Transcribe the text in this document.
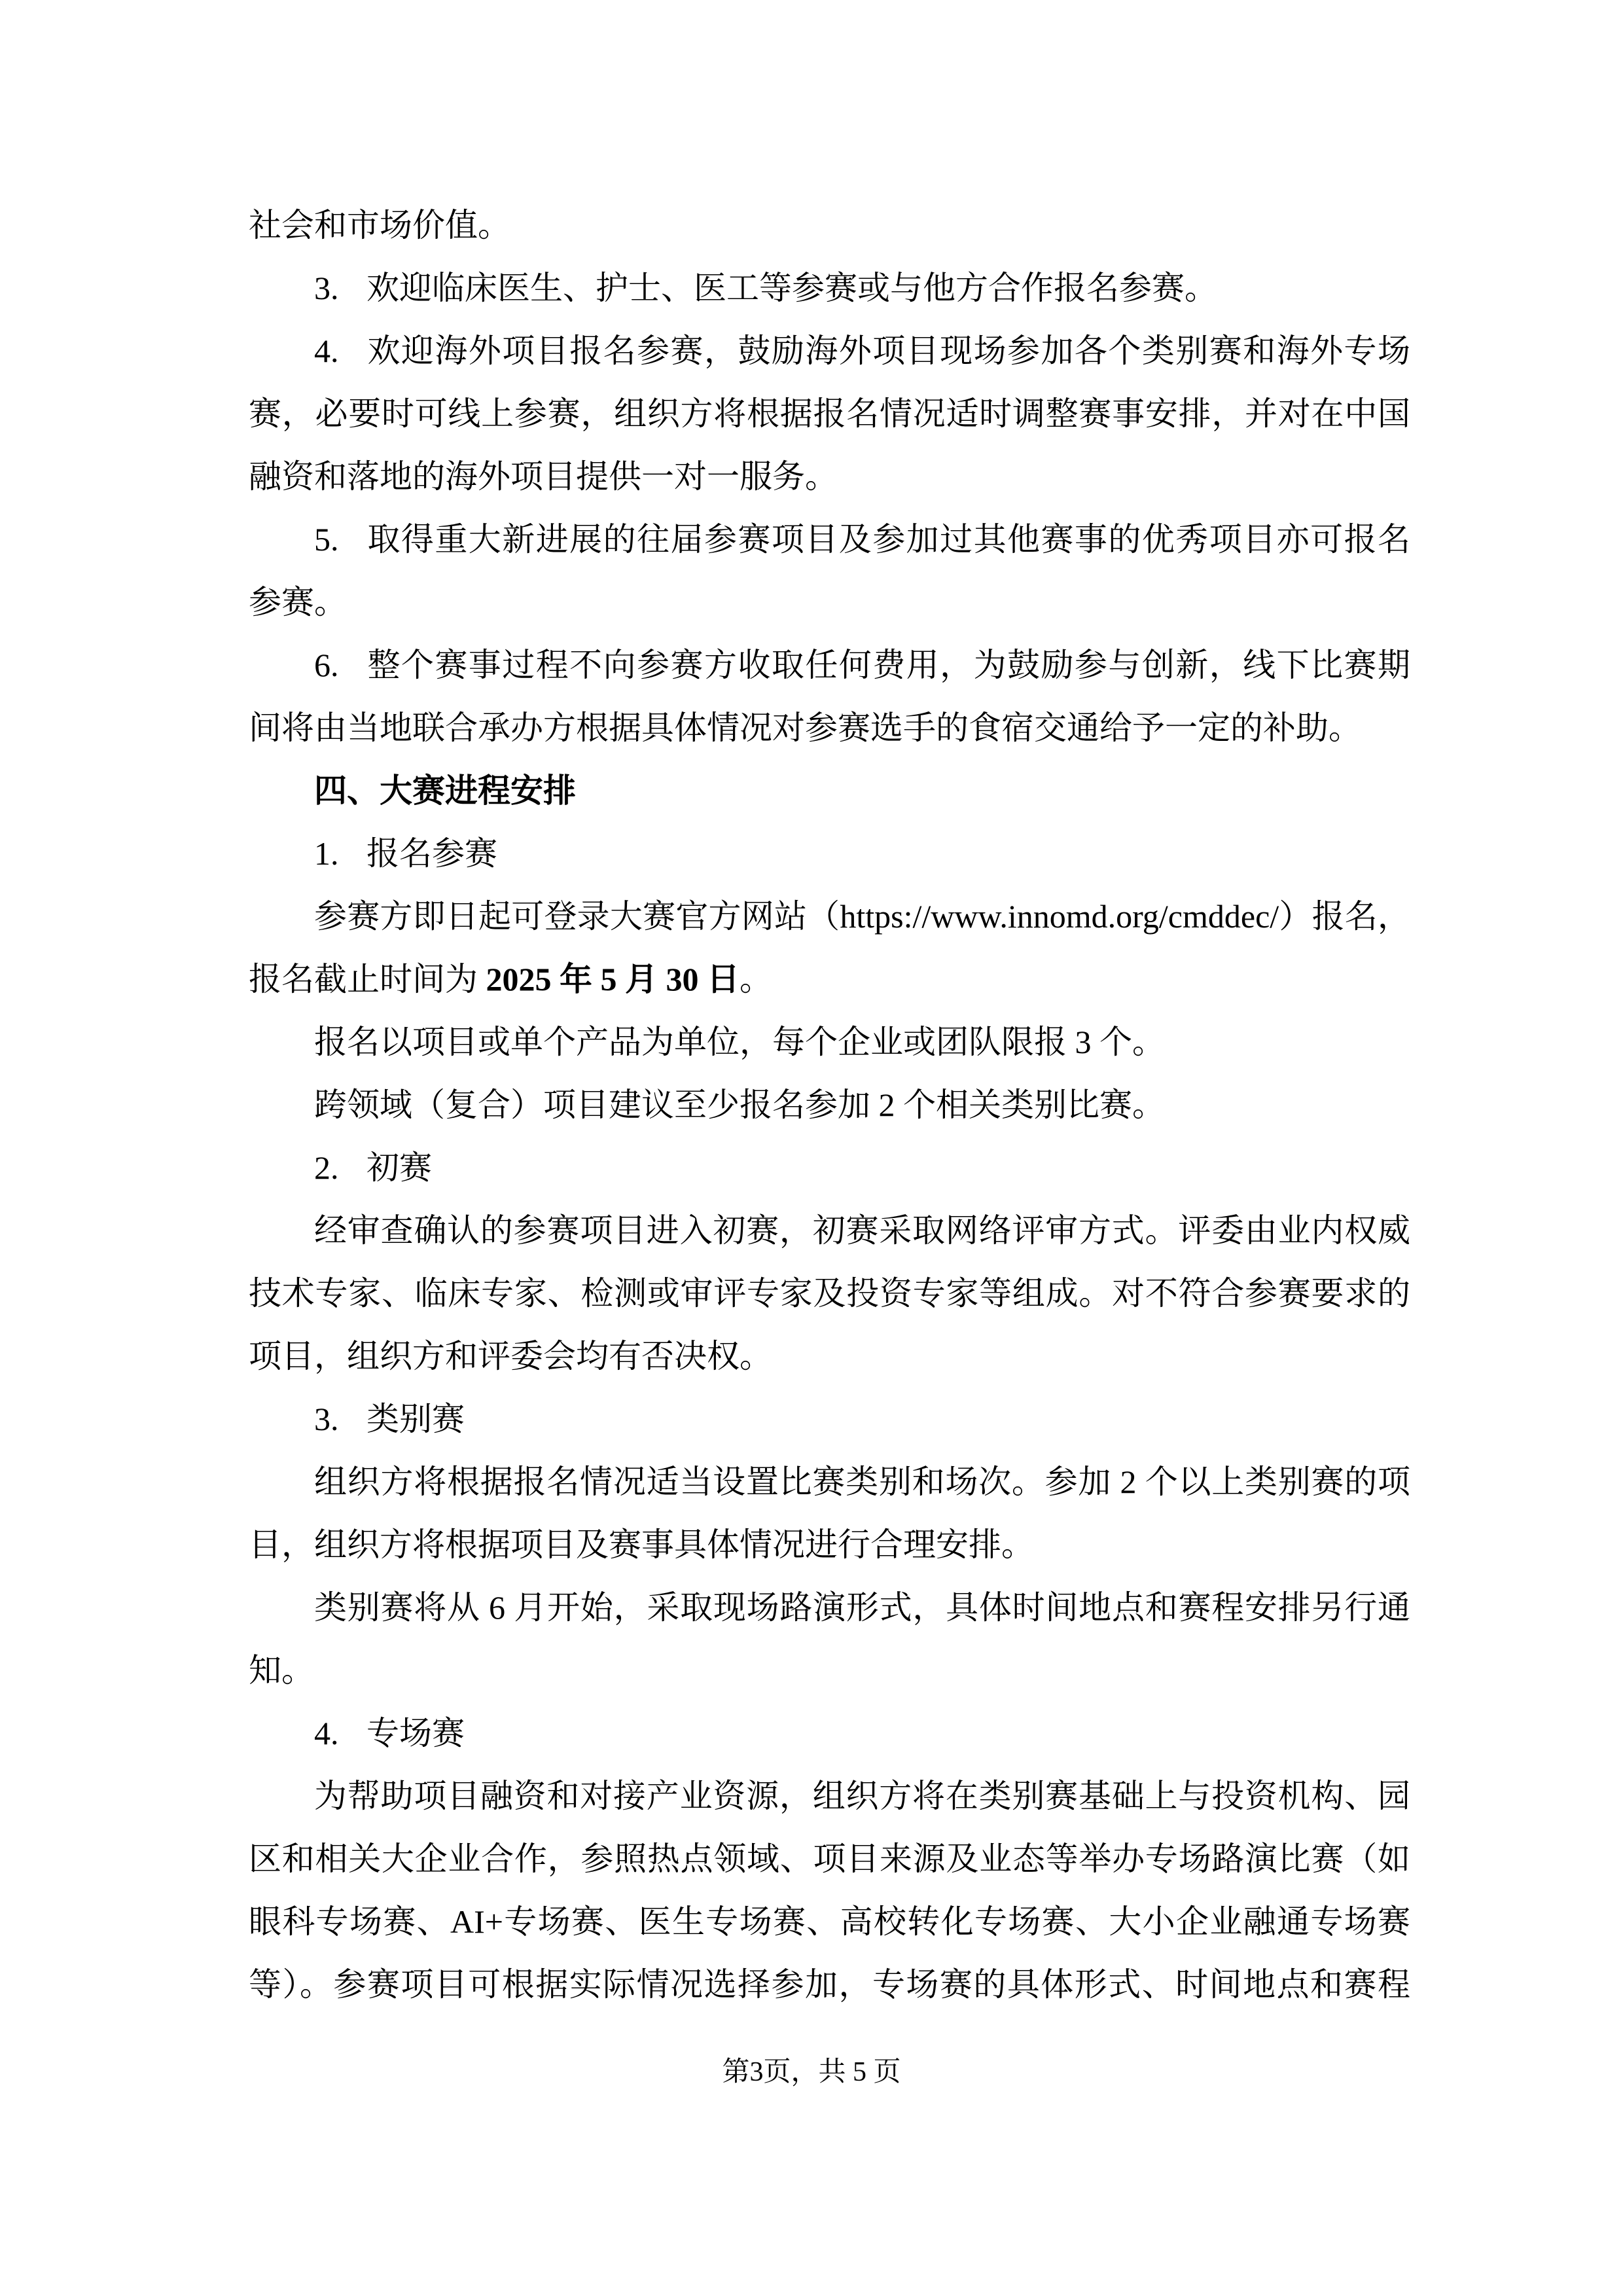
社会和市场价值。
3. 欢迎临床医生、护士、医工等参赛或与他方合作报名参赛。
4. 欢迎海外项目报名参赛，鼓励海外项目现场参加各个类别赛和海外专场
赛，必要时可线上参赛，组织方将根据报名情况适时调整赛事安排，并对在中国
融资和落地的海外项目提供一对一服务。
5. 取得重大新进展的往届参赛项目及参加过其他赛事的优秀项目亦可报名
参赛。
6. 整个赛事过程不向参赛方收取任何费用，为鼓励参与创新，线下比赛期
间将由当地联合承办方根据具体情况对参赛选手的食宿交通给予一定的补助。
四、大赛进程安排
1. 报名参赛
参赛方即日起可登录大赛官方网站（https://www.innomd.org/cmddec/）报名，
报名截止时间为 2025 年 5 月 30 日。
报名以项目或单个产品为单位，每个企业或团队限报 3 个。
跨领域（复合）项目建议至少报名参加 2 个相关类别比赛。
2. 初赛
经审查确认的参赛项目进入初赛，初赛采取网络评审方式。评委由业内权威
技术专家、临床专家、检测或审评专家及投资专家等组成。对不符合参赛要求的
项目，组织方和评委会均有否决权。
3. 类别赛
组织方将根据报名情况适当设置比赛类别和场次。参加 2 个以上类别赛的项
目，组织方将根据项目及赛事具体情况进行合理安排。
类别赛将从 6 月开始，采取现场路演形式，具体时间地点和赛程安排另行通
知。
4. 专场赛
为帮助项目融资和对接产业资源，组织方将在类别赛基础上与投资机构、园
区和相关大企业合作，参照热点领域、项目来源及业态等举办专场路演比赛（如
眼科专场赛、AI+专场赛、医生专场赛、高校转化专场赛、大小企业融通专场赛
等）。参赛项目可根据实际情况选择参加，专场赛的具体形式、时间地点和赛程
第3页，共 5 页
